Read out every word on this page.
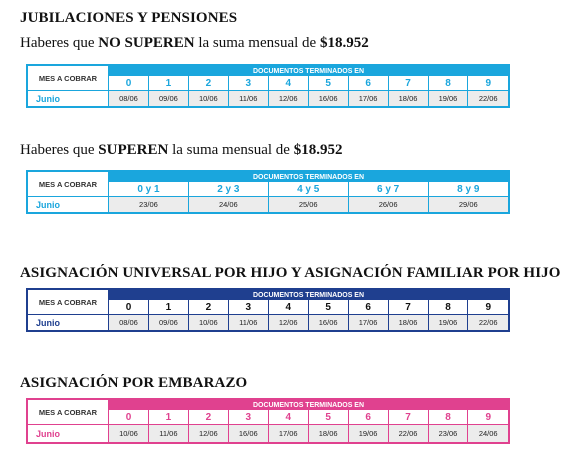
JUBILACIONES Y PENSIONES
Haberes que NO SUPEREN la suma mensual de $18.952
MES A COBRAR	DOCUMENTOS TERMINADOS EN									
	0	1	2	3	4	5	6	7	8	9
Junio	08/06	09/06	10/06	11/06	12/06	16/06	17/06	18/06	19/06	22/06
Haberes que SUPEREN la suma mensual de $18.952
MES A COBRAR	DOCUMENTOS TERMINADOS EN				
	0 y 1	2 y 3	4 y 5	6 y 7	8 y 9
Junio	23/06	24/06	25/06	26/06	29/06
ASIGNACIÓN UNIVERSAL POR HIJO Y ASIGNACIÓN FAMILIAR POR HIJO
MES A COBRAR	DOCUMENTOS TERMINADOS EN									
	0	1	2	3	4	5	6	7	8	9
Junio	08/06	09/06	10/06	11/06	12/06	16/06	17/06	18/06	19/06	22/06
ASIGNACIÓN POR EMBARAZO
MES A COBRAR	DOCUMENTOS TERMINADOS EN									
	0	1	2	3	4	5	6	7	8	9
Junio	10/06	11/06	12/06	16/06	17/06	18/06	19/06	22/06	23/06	24/06
